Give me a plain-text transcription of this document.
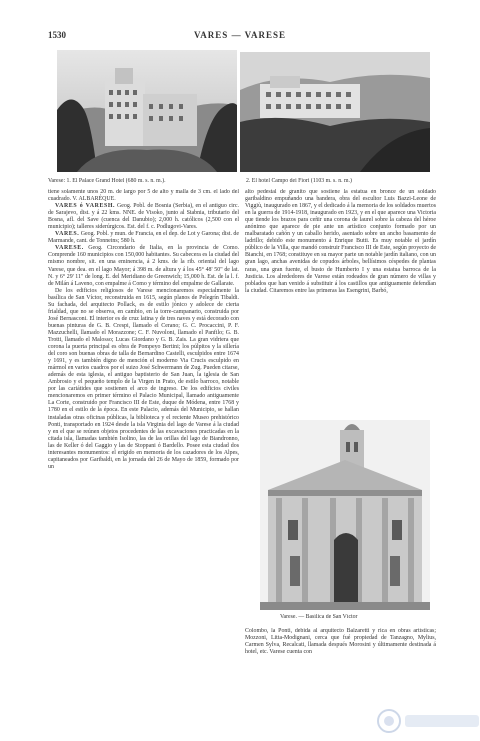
1530	VARES — VARESE
Varese: 1. El Palace Grand Hotel (680 m. s. n. m.).	2. El hotel Campo dei Fiori (1103 m. s. n. m.)

tiene solamente unos 20 m. de largo por 5 de alto y malla de 3 cm. el lado del cuadrado. V. ALBARÉQUE.

VARES ó VARESH. Geog. Pobl. de Bosnia (Serbia), en el antiguo circ. de Sarajevo, dist. y á 22 kms. NNE. de Visoko, junto al Stabnia, tributario del Bosna, afl. del Save (cuenca del Danubio); 2,000 h. católicos (2,500 con el municipio); talleres siderúrgicos. Est. del f. c. Podlugovi-Vares.

VARES. Geog. Pobl. y mun. de Francia, en el dep. de Lot y Garona; dist. de Marmande, cant. de Tonneins; 580 h.

VARESE. Geog. Circondario de Italia, en la provincia de Como. Comprende 160 municipios con 150,000 habitantes. Su cabecera es la ciudad del mismo nombre, sit. en una eminencia, á 2 kms. de la rib. oriental del lago Varese, que dea. en el lago Mayor; á 398 m. de altura y á los 45° 48' 50" de lat. N. y 6° 29' 11" de long. E. del Meridiano de Greenwich; 15,000 h. Est. de la l. f. de Milán á Laveno, con empalme á Como y término del empalme de Gallarate.

De los edificios religiosos de Varese mencionaremos especialmente la basílica de San Víctor, reconstruida en 1615, según planos de Pelegrín Tibaldi. Su fachada, del arquitecto Pollack, es de estilo jónico y adolece de cierta frialdad, que no se observa, en cambio, en la torre-campanario, construida por José Bernasconi. El interior es de cruz latina y de tres naves y está decorado con buenas pinturas de G. B. Crespi, llamado el Cerano; G. C. Procaccini, P. F. Mazzuchelli, llamado el Morazzone; C. F. Nuvoloni, llamado el Panfilo; G. B. Trotti, llamado el Malosso; Lucas Giordano y G. B. Zais. La gran vidriera que corona la puerta principal es obra de Pompeyo Bertini; los púlpitos y la sillería del coro son buenas obras de talla de Bernardino Castelli, esculpidos entre 1674 y 1691, y es también digno de mención el moderno Via Crucis esculpido en mármol en varios cuadros por el suizo José Schwermann de Zug. Pueden citarse, además de esta iglesia, el antiguo baptisterio de San Juan, la iglesia de San Ambrosio y el pequeño templo de la Virgen in Prato, de estilo barroco, notable por las cariátides que sostienen el arco de ingreso. De los edificios civiles mencionaremos en primer término el Palacio Municipal, llamado antiguamente La Corte, construido por Francisco III de Este, duque de Módena, entre 1768 y 1780 en el estilo de la época. En este Palacio, además del Municipio, se hallan instaladas otras oficinas públicas, la biblioteca y el reciente Museo prehistórico Ponti, transportado en 1924 desde la isla Virginia del lago de Varese á la ciudad y en el que se reúnen objetos procedentes de las excavaciones practicadas en la citada isla, llamadas también Isolino, las de las orillas del lago de Biandronno, las de Keller ó del Gaggio y las de Stoppani ó Bardello. Posee esta ciudad dos interesantes monumentos: el erigido en memoria de los cazadores de los Alpes, capitaneados por Garibaldi, en la jornada del 26 de Mayo de 1859, formado por un

alto pedestal de granito que sostiene la estatua en bronce de un soldado garibaldino empuñando una bandera, obra del escultor Luis Bazzi-Leone de Viggiù, inaugurado en 1867, y el dedicado á la memoria de los soldados muertos en la guerra de 1914-1918, inaugurado en 1923, y en el que aparece una Victoria que tiende los brazos para ceñir una corona de laurel sobre la cabeza del héroe anónimo que aparece de pie ante un artístico conjunto formado por un malbaratado cañón y un caballo herido, asentado sobre un ancho basamento de ladrillo; debido este monumento á Enrique Butti. Es muy notable el jardín público de la Villa, que mandó construir Francisco III de Este, según proyecto de Bianchi, en 1768; constituye en su mayor parte un notable jardín italiano, con un gran lago, anchas avenidas de copudos árboles, bellísimos céspedes de plantas raras, una gran fuente, el busto de Humberto I y una estatua barroca de la Justicia. Los alrededores de Varese están rodeados de gran número de villas y poblados que han venido á substituir á los castillos que antiguamente defendían la ciudad. Citaremos entre las primeras las Esengrini, Barbó,

Varese. — Basílica de San Víctor

Colombo, la Ponti, debida al arquitecto Balzaretti y rica en obras artísticas; Mozzoni, Litta-Modignani, cerca que fué propiedad de Tanzagno, Mylius, Carmen Sylva, Recalcati, llamada después Morosini y últimamente destinada á hotel, etc. Varese cuenta con
